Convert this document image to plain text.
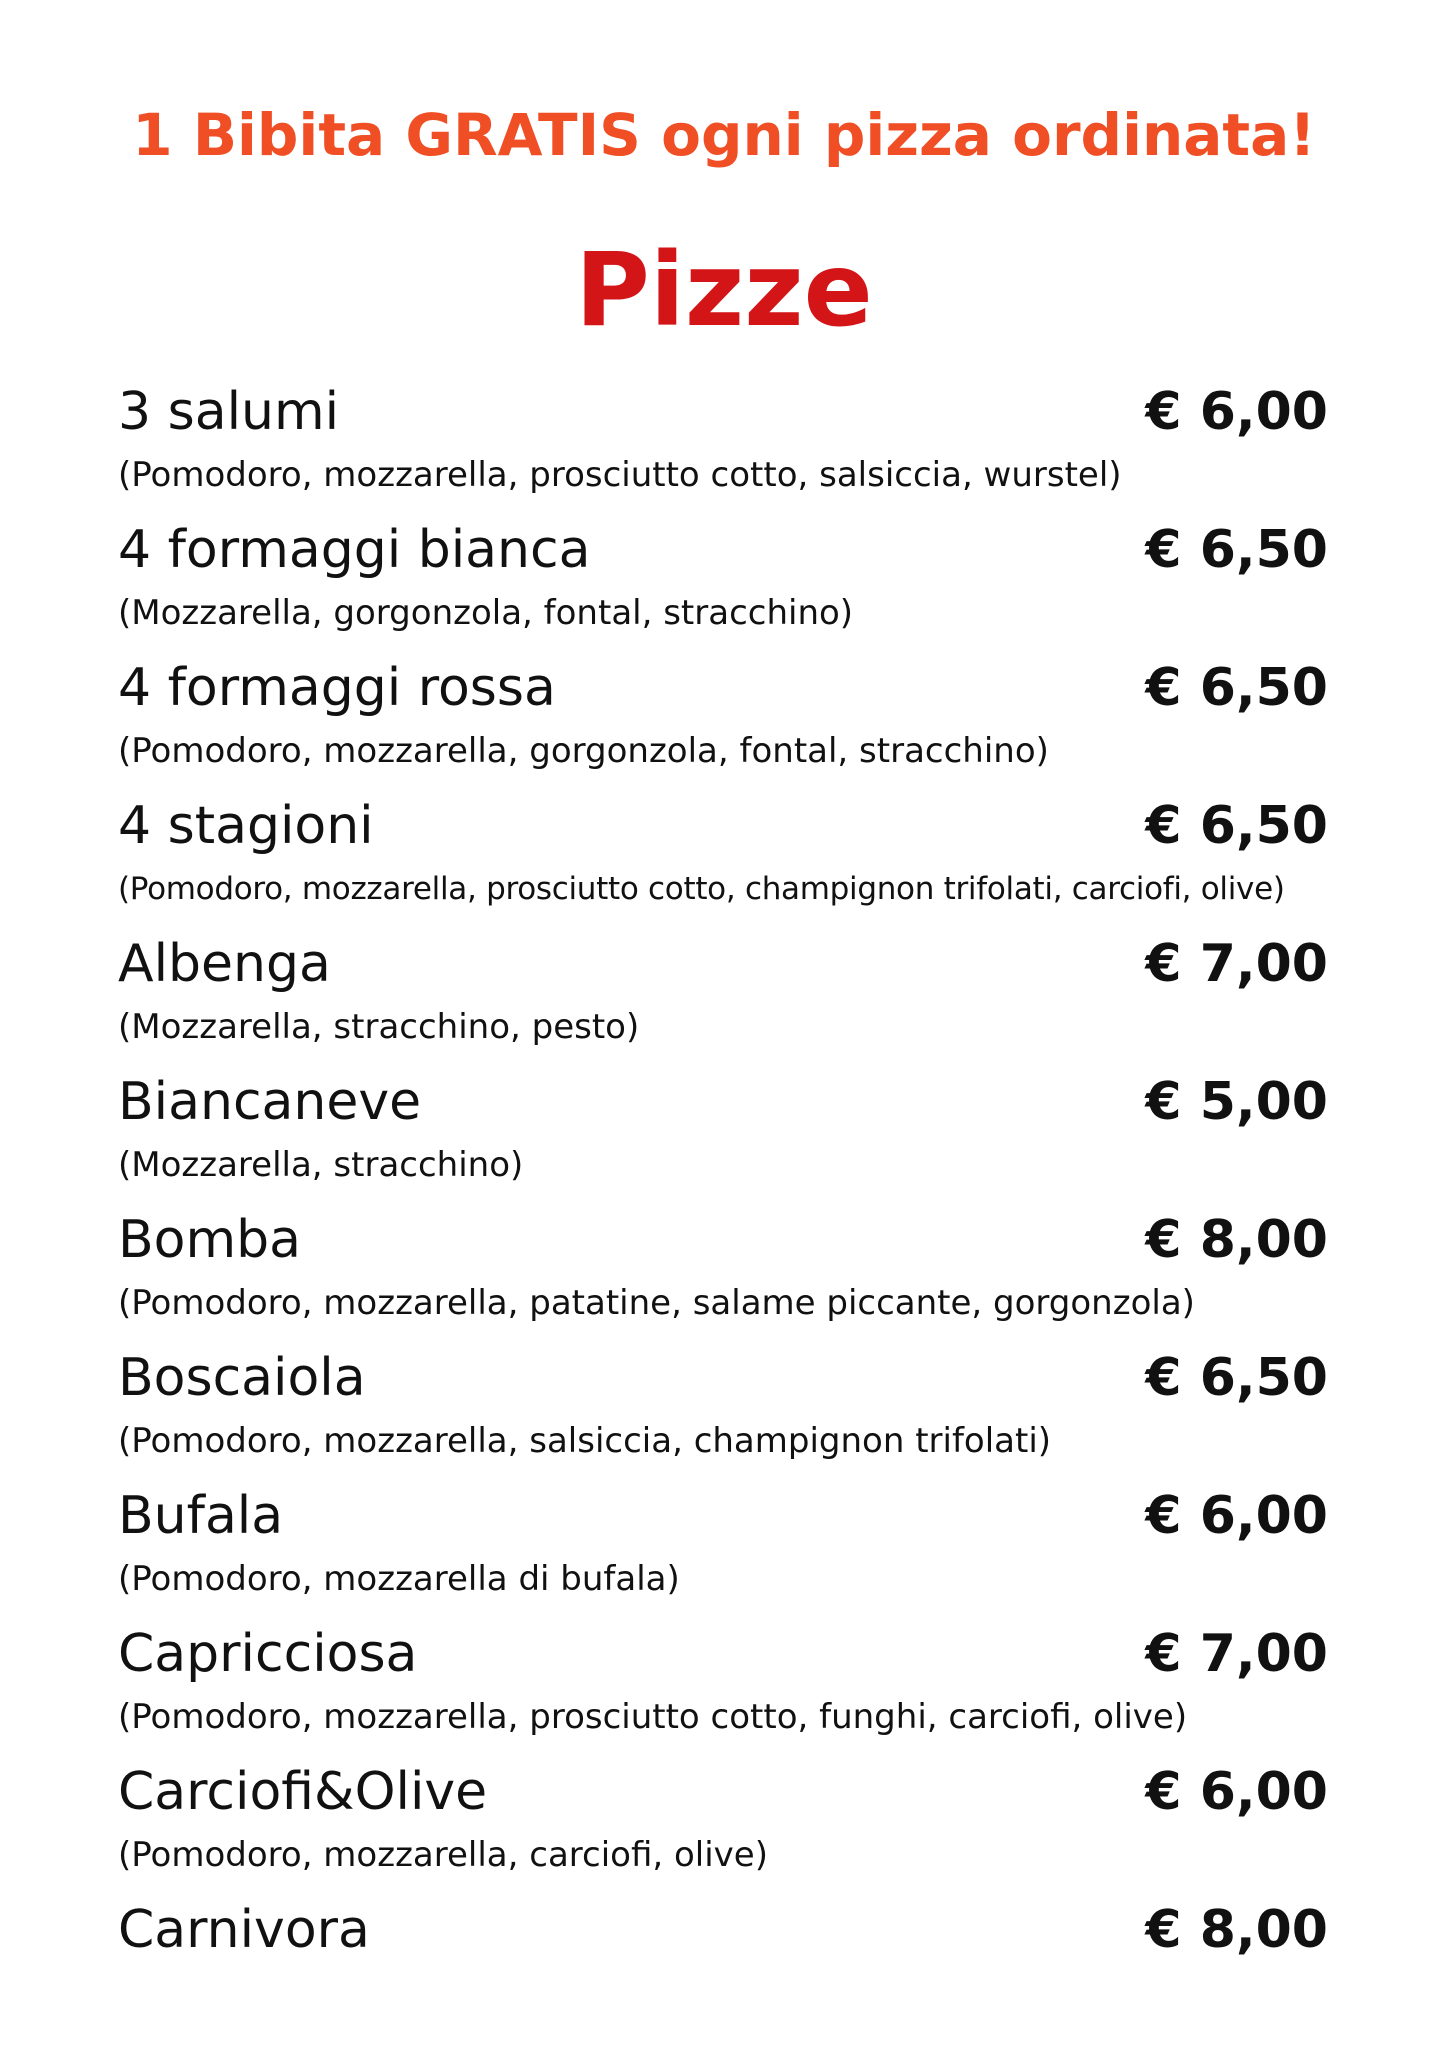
1 Bibita GRATIS ogni pizza ordinata!
Pizze
3 salumi	€ 6,00
(Pomodoro, mozzarella, prosciutto cotto, salsiccia, wurstel)
4 formaggi bianca	€ 6,50
(Mozzarella, gorgonzola, fontal, stracchino)
4 formaggi rossa	€ 6,50
(Pomodoro, mozzarella, gorgonzola, fontal, stracchino)
4 stagioni	€ 6,50
(Pomodoro, mozzarella, prosciutto cotto, champignon trifolati, carciofi, olive)
Albenga	€ 7,00
(Mozzarella, stracchino, pesto)
Biancaneve	€ 5,00
(Mozzarella, stracchino)
Bomba	€ 8,00
(Pomodoro, mozzarella, patatine, salame piccante, gorgonzola)
Boscaiola	€ 6,50
(Pomodoro, mozzarella, salsiccia, champignon trifolati)
Bufala	€ 6,00
(Pomodoro, mozzarella di bufala)
Capricciosa	€ 7,00
(Pomodoro, mozzarella, prosciutto cotto, funghi, carciofi, olive)
Carciofi&Olive	€ 6,00
(Pomodoro, mozzarella, carciofi, olive)
Carnivora	€ 8,00
